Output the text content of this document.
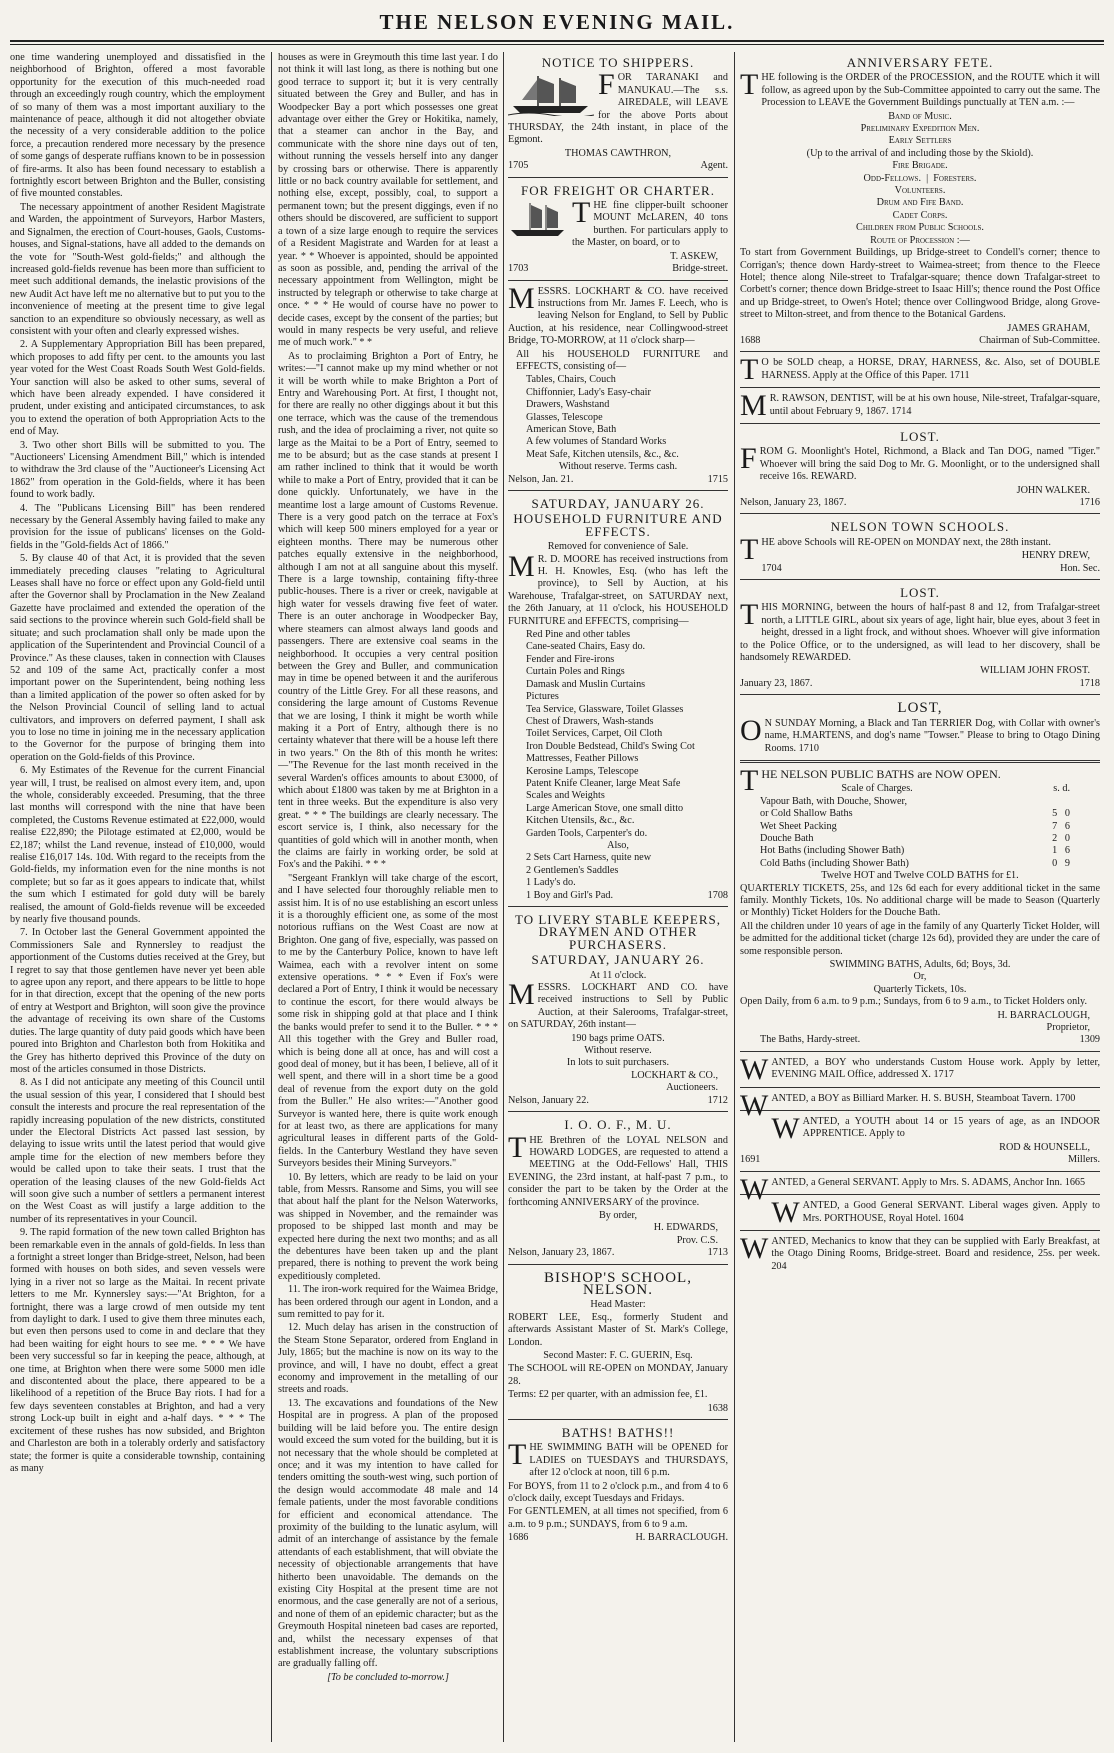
THE NELSON EVENING MAIL.

one time wandering unemployed and dissatisfied in the neighborhood of Brighton, offered a most favorable opportunity for the execution of this much-needed road through an exceedingly rough country, which the employment of so many of them was a most important auxiliary to the maintenance of peace, although it did not altogether obviate the necessity of a very considerable addition to the police force, a precaution rendered more necessary by the presence of some gangs of desperate ruffians known to be in possession of fire-arms. It also has been found necessary to establish a fortnightly escort between Brighton and the Buller, consisting of five mounted constables.

The necessary appointment of another Resident Magistrate and Warden, the appointment of Surveyors, Harbor Masters, and Signalmen, the erection of Court-houses, Gaols, Customs-houses, and Signal-stations, have all added to the demands on the vote for "South-West gold-fields;" and although the increased gold-fields revenue has been more than sufficient to meet such additional demands, the inelastic provisions of the new Audit Act have left me no alternative but to put you to the inconvenience of meeting at the present time to give legal sanction to an expenditure so obviously necessary, as well as consistent with your often and clearly expressed wishes.

2. A Supplementary Appropriation Bill has been prepared, which proposes to add fifty per cent. to the amounts you last year voted for the West Coast Roads South West Gold-fields. Your sanction will also be asked to other sums, several of which have been already expended. I have considered it prudent, under existing and anticipated circumstances, to ask you to extend the operation of both Appropriation Acts to the end of May.

3. Two other short Bills will be submitted to you. The "Auctioneers' Licensing Amendment Bill," which is intended to withdraw the 3rd clause of the "Auctioneer's Licensing Act 1862" from operation in the Gold-fields, where it has been found to work badly.

4. The "Publicans Licensing Bill" has been rendered necessary by the General Assembly having failed to make any provision for the issue of publicans' licenses on the Gold-fields in the "Gold-fields Act of 1866."

5. By clause 40 of that Act, it is provided that the seven immediately preceding clauses "relating to Agricultural Leases shall have no force or effect upon any Gold-field until after the Governor shall by Proclamation in the New Zealand Gazette have proclaimed and extended the operation of the said sections to the province wherein such Gold-field shall be situate; and such proclamation shall only be made upon the application of the Superintendent and Provincial Council of a Province." As these clauses, taken in connection with Clauses 52 and 109 of the same Act, practically confer a most important power on the Superintendent, being nothing less than a limited application of the power so often asked for by the Nelson Provincial Council of selling land to actual cultivators, and improvers on deferred payment, I shall ask you to lose no time in joining me in the necessary application to the Governor for the purpose of bringing them into operation on the Gold-fields of this Province.

6. My Estimates of the Revenue for the current Financial year will, I trust, be realised on almost every item, and, upon the whole, considerably exceeded. Presuming, that the three last months will correspond with the nine that have been completed, the Customs Revenue estimated at £22,000, would realise £22,890; the Pilotage estimated at £2,000, would be £2,187; whilst the Land revenue, instead of £10,000, would realise £16,017 14s. 10d. With regard to the receipts from the Gold-fields, my information even for the nine months is not complete; but so far as it goes appears to indicate that, whilst the sum which I estimated for gold duty will be barely realised, the amount of Gold-fields revenue will be exceeded by nearly five thousand pounds.

7. In October last the General Government appointed the Commissioners Sale and Rynnersley to readjust the apportionment of the Customs duties received at the Grey, but I regret to say that those gentlemen have never yet been able to agree upon any report, and there appears to be little to hope for in that direction, except that the opening of the new ports of entry at Westport and Brighton, will soon give the province the advantage of receiving its own share of the Customs duties. The large quantity of duty paid goods which have been poured into Brighton and Charleston both from Hokitika and the Grey has hitherto deprived this Province of the duty on most of the articles consumed in those Districts.

8. As I did not anticipate any meeting of this Council until the usual session of this year, I considered that I should best consult the interests and procure the real representation of the rapidly increasing population of the new districts, constituted under the Electoral Districts Act passed last session, by delaying to issue writs until the latest period that would give ample time for the election of new members before they would be called upon to take their seats. I trust that the operation of the leasing clauses of the new Gold-fields Act will soon give such a number of settlers a permanent interest on the West Coast as will justify a large addition to the number of its representatives in your Council.

9. The rapid formation of the new town called Brighton has been remarkable even in the annals of gold-fields. In less than a fortnight a street longer than Bridge-street, Nelson, had been formed with houses on both sides, and seven vessels were lying in a river not so large as the Maitai. In recent private letters to me Mr. Kynnersley says:—"At Brighton, for a fortnight, there was a large crowd of men outside my tent from daylight to dark. I used to give them three minutes each, but even then persons used to come in and declare that they had been waiting for eight hours to see me. * * * We have been very successful so far in keeping the peace, although, at one time, at Brighton when there were some 5000 men idle and discontented about the place, there appeared to be a likelihood of a repetition of the Bruce Bay riots. I had for a few days seventeen constables at Brighton, and had a very strong Lock-up built in eight and a-half days. * * * The excitement of these rushes has now subsided, and Brighton and Charleston are both in a tolerably orderly and satisfactory state; the former is quite a considerable township, containing as many

houses as were in Greymouth this time last year. I do not think it will last long, as there is nothing but one good terrace to support it; but it is very centrally situated between the Grey and Buller, and has in Woodpecker Bay a port which possesses one great advantage over either the Grey or Hokitika, namely, that a steamer can anchor in the Bay, and communicate with the shore nine days out of ten, without running the vessels herself into any danger by crossing bars or otherwise. There is apparently little or no back country available for settlement, and nothing else, except, possibly, coal, to support a permanent town; but the present diggings, even if no others should be discovered, are sufficient to support a town of a size large enough to require the services of a Resident Magistrate and Warden for at least a year. * * Whoever is appointed, should be appointed as soon as possible, and, pending the arrival of the necessary appointment from Wellington, might be instructed by telegraph or otherwise to take charge at once. * * * He would of course have no power to decide cases, except by the consent of the parties; but would in many respects be very useful, and relieve me of much work." * *

As to proclaiming Brighton a Port of Entry, he writes:—"I cannot make up my mind whether or not it will be worth while to make Brighton a Port of Entry and Warehousing Port. At first, I thought not, for there are really no other diggings about it but this one terrace, which was the cause of the tremendous rush, and the idea of proclaiming a river, not quite so large as the Maitai to be a Port of Entry, seemed to me to be absurd; but as the case stands at present I am rather inclined to think that it would be worth while to make a Port of Entry, provided that it can be done quickly. Unfortunately, we have in the meantime lost a large amount of Customs Revenue. There is a very good patch on the terrace at Fox's which will keep 500 miners employed for a year or eighteen months. There may be numerous other patches equally extensive in the neighborhood, although I am not at all sanguine about this myself. There is a large township, containing fifty-three public-houses. There is a river or creek, navigable at high water for vessels drawing five feet of water. There is an outer anchorage in Woodpecker Bay, where steamers can almost always land goods and passengers. There are extensive coal seams in the neighborhood. It occupies a very central position between the Grey and Buller, and communication may in time be opened between it and the auriferous country of the Little Grey. For all these reasons, and considering the large amount of Customs Revenue that we are losing, I think it might be worth while making it a Port of Entry, although there is no certainty whatever that there will be a house left there in two years." On the 8th of this month he writes:—"The Revenue for the last month received in the several Warden's offices amounts to about £3000, of which about £1800 was taken by me at Brighton in a tent in three weeks. But the expenditure is also very great. * * * The buildings are clearly necessary. The escort service is, I think, also necessary for the quantities of gold which will in another month, when the claims are fairly in working order, be sold at Fox's and the Pakihi. * * *

"Sergeant Franklyn will take charge of the escort, and I have selected four thoroughly reliable men to assist him. It is of no use establishing an escort unless it is a thoroughly efficient one, as some of the most notorious ruffians on the West Coast are now at Brighton. One gang of five, especially, was passed on to me by the Canterbury Police, known to have left Waimea, each with a revolver intent on some extensive operations. * * * Even if Fox's were declared a Port of Entry, I think it would be necessary to continue the escort, for there would always be some risk in shipping gold at that place and I think the banks would prefer to send it to the Buller. * * * All this together with the Grey and Buller road, which is being done all at once, has and will cost a good deal of money, but it has been, I believe, all of it well spent, and there will in a short time be a good deal of revenue from the export duty on the gold from the Buller." He also writes:—"Another good Surveyor is wanted here, there is quite work enough for at least two, as there are applications for many agricultural leases in different parts of the Gold-fields. In the Canterbury Westland they have seven Surveyors besides their Mining Surveyors."

10. By letters, which are ready to be laid on your table, from Messrs. Ransome and Sims, you will see that about half the plant for the Nelson Waterworks, was shipped in November, and the remainder was proposed to be shipped last month and may be expected here during the next two months; and as all the debentures have been taken up and the plant prepared, there is nothing to prevent the work being expeditiously completed.

11. The iron-work required for the Waimea Bridge, has been ordered through our agent in London, and a sum remitted to pay for it.

12. Much delay has arisen in the construction of the Steam Stone Separator, ordered from England in July, 1865; but the machine is now on its way to the province, and will, I have no doubt, effect a great economy and improvement in the metalling of our streets and roads.

13. The excavations and foundations of the New Hospital are in progress. A plan of the proposed building will be laid before you. The entire design would exceed the sum voted for the building, but it is not necessary that the whole should be completed at once; and it was my intention to have called for tenders omitting the south-west wing, such portion of the design would accommodate 48 male and 14 female patients, under the most favorable conditions for efficient and economical attendance. The proximity of the building to the lunatic asylum, will admit of an interchange of assistance by the female attendants of each establishment, that will obviate the necessity of objectionable arrangements that have hitherto been unavoidable. The demands on the existing City Hospital at the present time are not enormous, and the case generally are not of a serious, and none of them of an epidemic character; but as the Greymouth Hospital nineteen bad cases are reported, and, whilst the necessary expenses of that establishment increase, the voluntary subscriptions are gradually falling off.

[To be concluded to-morrow.]
NOTICE TO SHIPPERS.

FOR TARANAKI and MANUKAU.—The s.s. AIREDALE, will LEAVE for the above Ports about THURSDAY, the 24th instant, in place of the Egmont.

THOMAS CAWTHRON,
1705	Agent.
FOR FREIGHT OR CHARTER.

THE fine clipper-built schooner MOUNT McLAREN, 40 tons burthen. For particulars apply to the Master, on board, or to

T. ASKEW,
1703	Bridge-street.

MESSRS. LOCKHART & CO. have received instructions from Mr. James F. Leech, who is leaving Nelson for England, to Sell by Public Auction, at his residence, near Collingwood-street Bridge, TO-MORROW, at 11 o'clock sharp—

All his HOUSEHOLD FURNITURE and EFFECTS, consisting of—

Tables, Chairs, Couch
Chiffonnier, Lady's Easy-chair
Drawers, Washstand
Glasses, Telescope
American Stove, Bath
A few volumes of Standard Works
Meat Safe, Kitchen utensils, &c., &c.
Without reserve. Terms cash.
Nelson, Jan. 21.	1715
SATURDAY, JANUARY 26.
HOUSEHOLD FURNITURE AND EFFECTS.
Removed for convenience of Sale.

M R. D. MOORE has received instructions from H. H. Knowles, Esq. (who has left the province), to Sell by Auction, at his Warehouse, Trafalgar-street, on SATURDAY next, the 26th January, at 11 o'clock, his HOUSEHOLD FURNITURE and EFFECTS, comprising—

Red Pine and other tables
Cane-seated Chairs, Easy do.
Fender and Fire-irons
Curtain Poles and Rings
Damask and Muslin Curtains
Pictures
Tea Service, Glassware, Toilet Glasses
Chest of Drawers, Wash-stands
Toilet Services, Carpet, Oil Cloth
Iron Double Bedstead, Child's Swing Cot
Mattresses, Feather Pillows
Kerosine Lamps, Telescope
Patent Knife Cleaner, large Meat Safe
Scales and Weights
Large American Stove, one small ditto
Kitchen Utensils, &c., &c.
Garden Tools, Carpenter's do.
Also,
2 Sets Cart Harness, quite new
2 Gentlemen's Saddles
1 Lady's do.
1 Boy and Girl's Pad.	1708
TO LIVERY STABLE KEEPERS, DRAYMEN AND OTHER PURCHASERS.
SATURDAY, JANUARY 26.
At 11 o'clock.

MESSRS. LOCKHART AND CO. have received instructions to Sell by Public Auction, at their Salerooms, Trafalgar-street, on SATURDAY, 26th instant—

190 bags prime OATS.
Without reserve.
In lots to suit purchasers.
LOCKHART & CO.,
Auctioneers.
Nelson, January 22.	1712
I. O. O. F., M. U.

THE Brethren of the LOYAL NELSON and HOWARD LODGES, are requested to attend a MEETING at the Odd-Fellows' Hall, THIS EVENING, the 23rd instant, at half-past 7 p.m., to consider the part to be taken by the Order at the forthcoming ANNIVERSARY of the province.

By order,
H. EDWARDS,
Prov. C.S.
Nelson, January 23, 1867.	1713
BISHOP'S SCHOOL, NELSON.
Head Master:

ROBERT LEE, Esq., formerly Student and afterwards Assistant Master of St. Mark's College, London.

Second Master: F. C. GUERIN, Esq.

The SCHOOL will RE-OPEN on MONDAY, January 28.

Terms: £2 per quarter, with an admission fee, £1.

1638
BATHS! BATHS!!

THE SWIMMING BATH will be OPENED for LADIES on TUESDAYS and THURSDAYS, after 12 o'clock at noon, till 6 p.m.

For BOYS, from 11 to 2 o'clock p.m., and from 4 to 6 o'clock daily, except Tuesdays and Fridays.

For GENTLEMEN, at all times not specified, from 6 a.m. to 9 p.m.; SUNDAYS, from 6 to 9 a.m.

1686	H. BARRACLOUGH.
ANNIVERSARY FETE.

THE following is the ORDER of the PROCESSION, and the ROUTE which it will follow, as agreed upon by the Sub-Committee appointed to carry out the same. The Procession to LEAVE the Government Buildings punctually at TEN a.m. :—

Band of Music.
Preliminary Expedition Men.
Early Settlers
(Up to the arrival of and including those by the Skiold).
Fire Brigade.
Odd-Fellows.  |  Foresters.
Volunteers.
Drum and Fife Band.
Cadet Corps.
Children from Public Schools.
Route of Procession :—

To start from Government Buildings, up Bridge-street to Condell's corner; thence to Corrigan's; thence down Hardy-street to Waimea-street; from thence to the Fleece Hotel; thence along Nile-street to Trafalgar-square; thence down Trafalgar-street to Corbett's corner; thence down Bridge-street to Isaac Hill's; thence round the Post Office and up Bridge-street, to Owen's Hotel; thence over Collingwood Bridge, along Grove-street to Milton-street, and from thence to the Botanical Gardens.

JAMES GRAHAM,
1688	Chairman of Sub-Committee.

T O be SOLD cheap, a HORSE, DRAY, HARNESS, &c. Also, set of DOUBLE HARNESS. Apply at the Office of this Paper. 1711

M R. RAWSON, DENTIST, will be at his own house, Nile-street, Trafalgar-square, until about February 9, 1867. 1714

LOST.

FROM G. Moonlight's Hotel, Richmond, a Black and Tan DOG, named "Tiger." Whoever will bring the said Dog to Mr. G. Moonlight, or to the undersigned shall receive 16s. REWARD.

JOHN WALKER.
Nelson, January 23, 1867.	1716
NELSON TOWN SCHOOLS.

THE above Schools will RE-OPEN on MONDAY next, the 28th instant.

HENRY DREW,
1704	Hon. Sec.
LOST.

THIS MORNING, between the hours of half-past 8 and 12, from Trafalgar-street north, a LITTLE GIRL, about six years of age, light hair, blue eyes, about 3 feet in height, dressed in a light frock, and without shoes. Whoever will give information to the Police Office, or to the undersigned, as will lead to her discovery, shall be handsomely REWARDED.

WILLIAM JOHN FROST.
January 23, 1867.	1718
LOST,

O N SUNDAY Morning, a Black and Tan TERRIER Dog, with Collar with owner's name, H.MARTENS, and dog's name "Towser." Please to bring to Otago Dining Rooms. 1710

THE NELSON PUBLIC BATHS are NOW OPEN.

Scale of Charges.	s. d.
Vapour Bath, with Douche, Shower,
or Cold Shallow Baths	5 0
Wet Sheet Packing	7 6
Douche Bath	2 0
Hot Baths (including Shower Bath)	1 6
Cold Baths (including Shower Bath)	0 9
Twelve HOT and Twelve COLD BATHS for £1.

QUARTERLY TICKETS, 25s, and 12s 6d each for every additional ticket in the same family. Monthly Tickets, 10s. No additional charge will be made to Season (Quarterly or Monthly) Ticket Holders for the Douche Bath.

All the children under 10 years of age in the family of any Quarterly Ticket Holder, will be admitted for the additional ticket (charge 12s 6d), provided they are under the care of some responsible person.

SWIMMING BATHS, Adults, 6d; Boys, 3d.
Or,
Quarterly Tickets, 10s.

Open Daily, from 6 a.m. to 9 p.m.; Sundays, from 6 to 9 a.m., to Ticket Holders only.

H. BARRACLOUGH,
Proprietor,
The Baths, Hardy-street.	1309

WANTED, a BOY who understands Custom House work. Apply by letter, EVENING MAIL Office, addressed X. 1717

WANTED, a BOY as Billiard Marker. H. S. BUSH, Steamboat Tavern. 1700

WANTED, a YOUTH about 14 or 15 years of age, as an INDOOR APPRENTICE. Apply to

ROD & HOUNSELL,
1691	Millers.

WANTED, a General SERVANT. Apply to Mrs. S. ADAMS, Anchor Inn. 1665

WANTED, a Good General SERVANT. Liberal wages given. Apply to Mrs. PORTHOUSE, Royal Hotel. 1604

WANTED, Mechanics to know that they can be supplied with Early Breakfast, at the Otago Dining Rooms, Bridge-street. Board and residence, 25s. per week. 204
